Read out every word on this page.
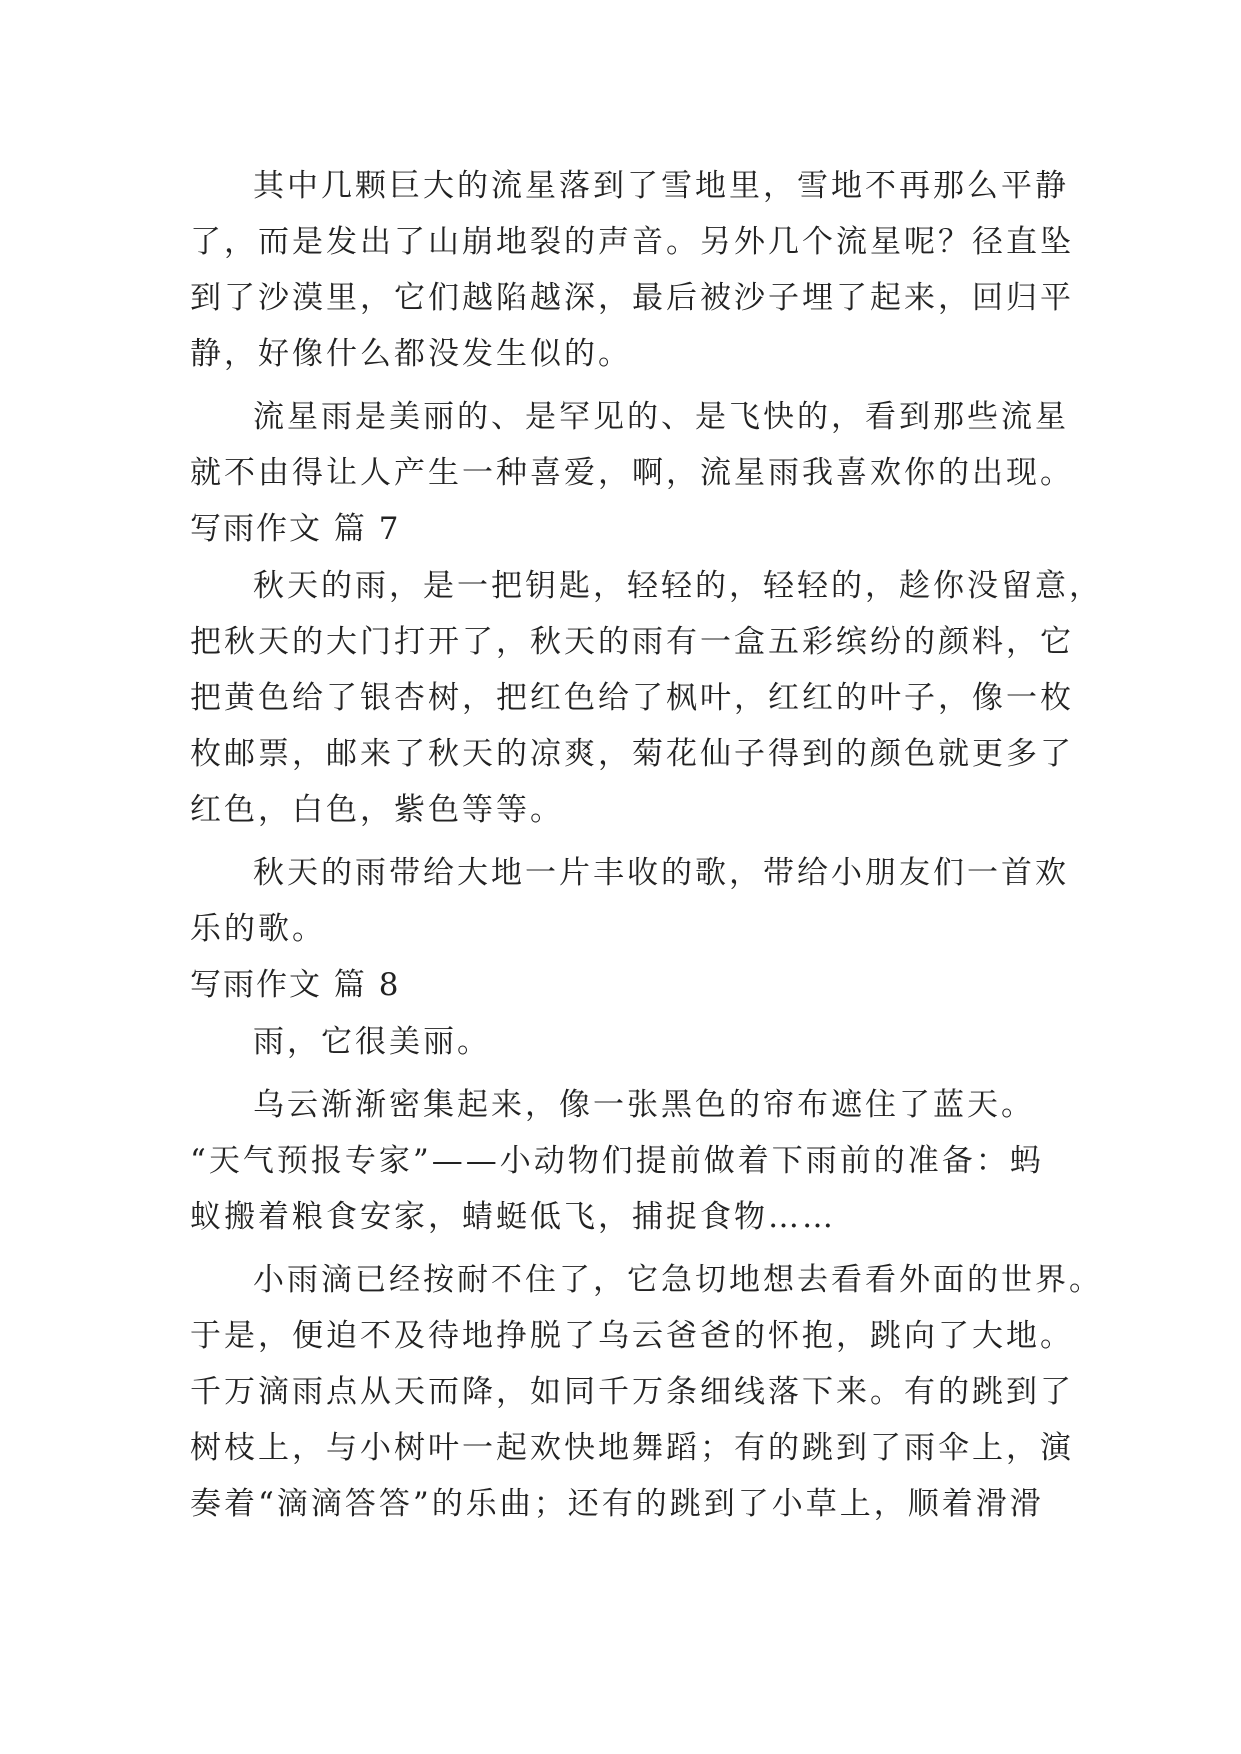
其中几颗巨大的流星落到了雪地里，雪地不再那么平静
了，而是发出了山崩地裂的声音。另外几个流星呢？径直坠
到了沙漠里，它们越陷越深，最后被沙子埋了起来，回归平
静，好像什么都没发生似的。
流星雨是美丽的、是罕见的、是飞快的，看到那些流星
就不由得让人产生一种喜爱，啊，流星雨我喜欢你的出现。
写雨作文 篇 7
秋天的雨，是一把钥匙，轻轻的，轻轻的，趁你没留意，
把秋天的大门打开了，秋天的雨有一盒五彩缤纷的颜料，它
把黄色给了银杏树，把红色给了枫叶，红红的叶子，像一枚
枚邮票，邮来了秋天的凉爽，菊花仙子得到的颜色就更多了
红色，白色，紫色等等。
秋天的雨带给大地一片丰收的歌，带给小朋友们一首欢
乐的歌。
写雨作文 篇 8
雨，它很美丽。
乌云渐渐密集起来，像一张黑色的帘布遮住了蓝天。
“天气预报专家”——小动物们提前做着下雨前的准备：蚂
蚁搬着粮食安家，蜻蜓低飞，捕捉食物……
小雨滴已经按耐不住了，它急切地想去看看外面的世界。
于是，便迫不及待地挣脱了乌云爸爸的怀抱，跳向了大地。
千万滴雨点从天而降，如同千万条细线落下来。有的跳到了
树枝上，与小树叶一起欢快地舞蹈；有的跳到了雨伞上，演
奏着“滴滴答答”的乐曲；还有的跳到了小草上，顺着滑滑
